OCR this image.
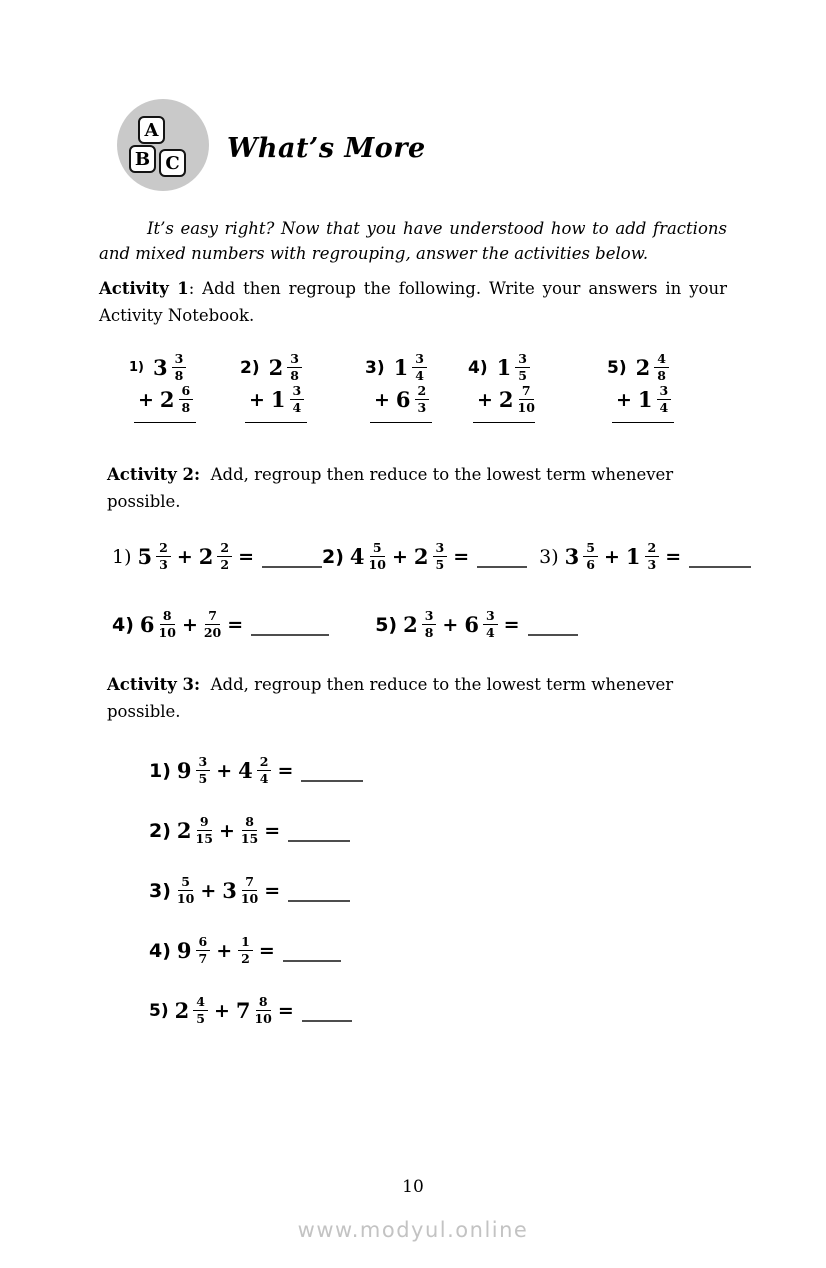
A
B C What’s More

It’s easy right? Now that you have understood how to add fractions and mixed numbers with regrouping, answer the activities below.

Activity 1: Add then regroup the following. Write your answers in your Activity Notebook.

1) $3 \frac{3}{8}$
+ $2 \frac{6}{8}$
2) $2 \frac{3}{8}$
+ $1 \frac{3}{4}$
3) $1 \frac{3}{4}$
+ $6 \frac{2}{3}$
4) $1 \frac{3}{5}$
+ $2 \frac{7}{10}$
5) $2 \frac{4}{8}$
+ $1 \frac{3}{4}$

Activity 2: Add, regroup then reduce to the lowest term whenever possible.

1) $5 \frac{2}{3} + 2 \frac{2}{2}$ =	2) $4 \frac{5}{10} + 2 \frac{3}{5}$ =	3) $3 \frac{5}{6} + 1 \frac{2}{3}$ =
4) $6 \frac{8}{10} + \frac{7}{20}$ =	5) $2 \frac{3}{8} + 6 \frac{3}{4}$ =

Activity 3: Add, regroup then reduce to the lowest term whenever possible.

1) $9 \frac{3}{5} + 4 \frac{2}{4}$ =
2) $2 \frac{9}{15} + \frac{8}{15}$ =
$3) \frac{5}{10} + 3 \frac{7}{10}$ =
4) $9 \frac{6}{7} + \frac{1}{2}$ =
5) $2 \frac{4}{5} + 7 \frac{8}{10}$ =
10
www.modyul.online
